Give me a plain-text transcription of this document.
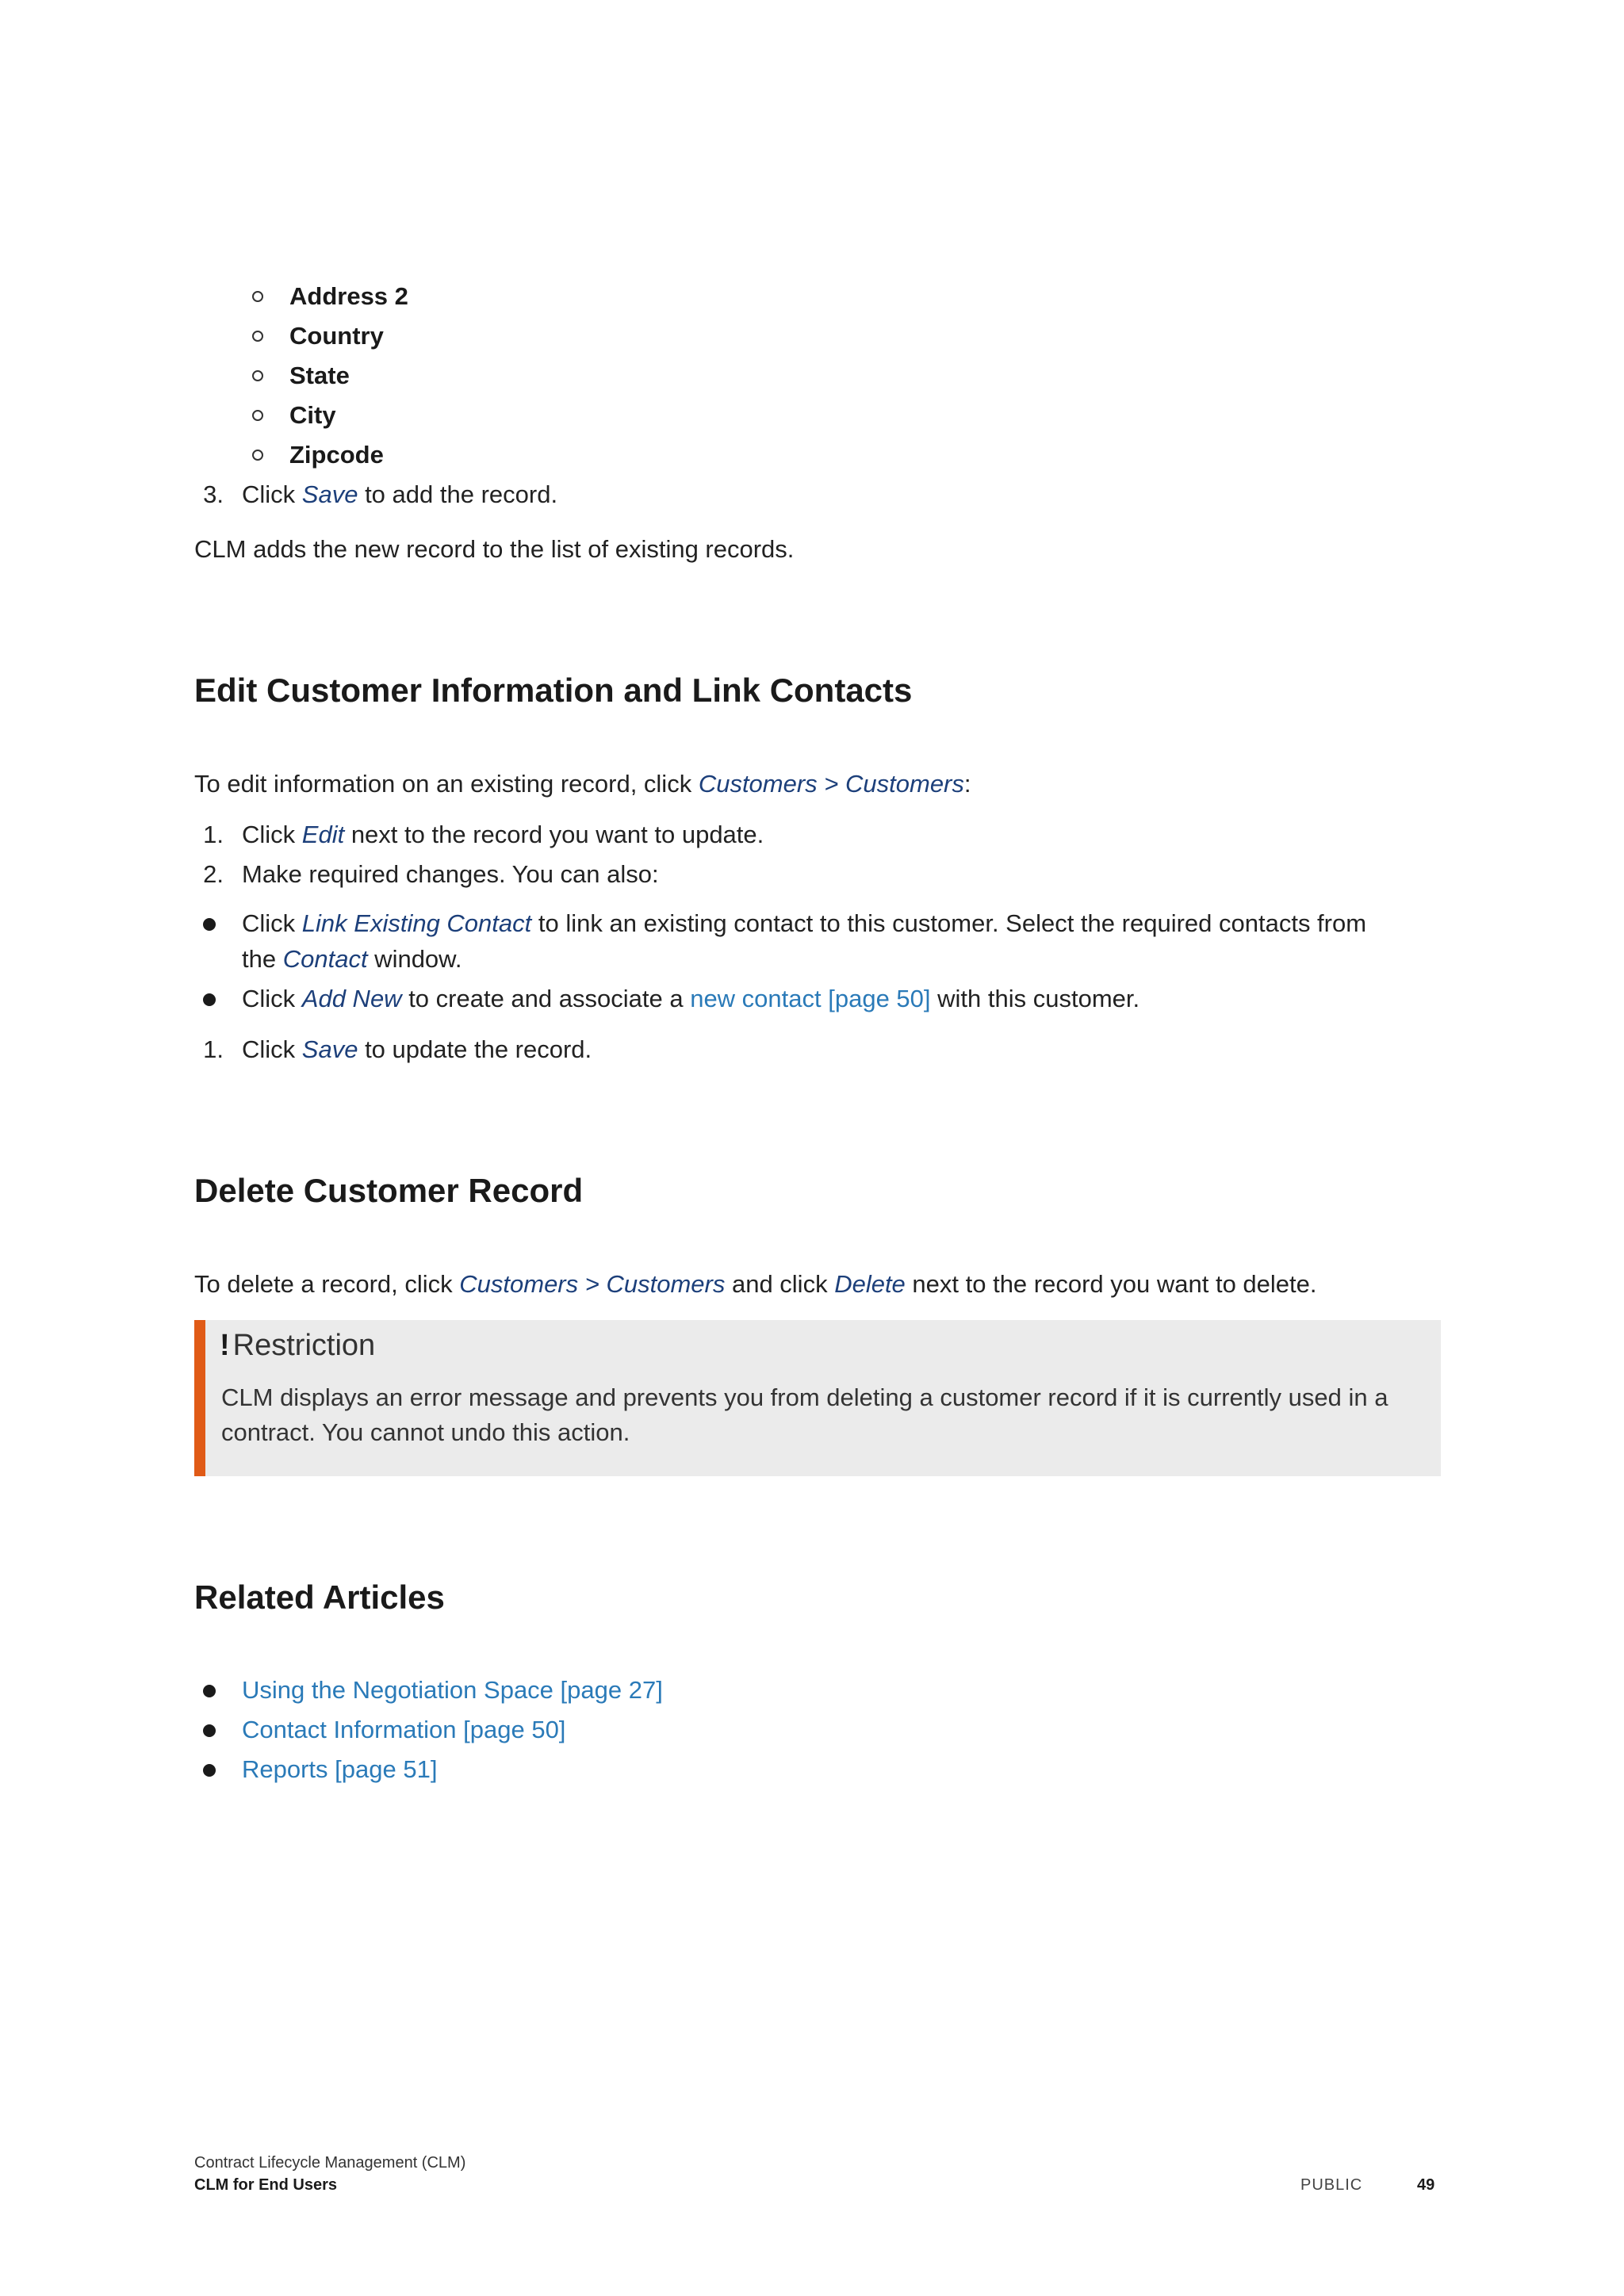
Address 2
Country
State
City
Zipcode
3. Click Save to add the record.
CLM adds the new record to the list of existing records.
Edit Customer Information and Link Contacts
To edit information on an existing record, click Customers > Customers:
1. Click Edit next to the record you want to update.
2. Make required changes. You can also:
Click Link Existing Contact to link an existing contact to this customer. Select the required contacts from
the Contact window.
Click Add New to create and associate a new contact [page 50] with this customer.
1. Click Save to update the record.
Delete Customer Record
To delete a record, click Customers > Customers and click Delete next to the record you want to delete.
! Restriction
CLM displays an error message and prevents you from deleting a customer record if it is currently used in a
contract. You cannot undo this action.
Related Articles
Using the Negotiation Space [page 27]
Contact Information [page 50]
Reports [page 51]
Contract Lifecycle Management (CLM)
CLM for End Users	PUBLIC	49
